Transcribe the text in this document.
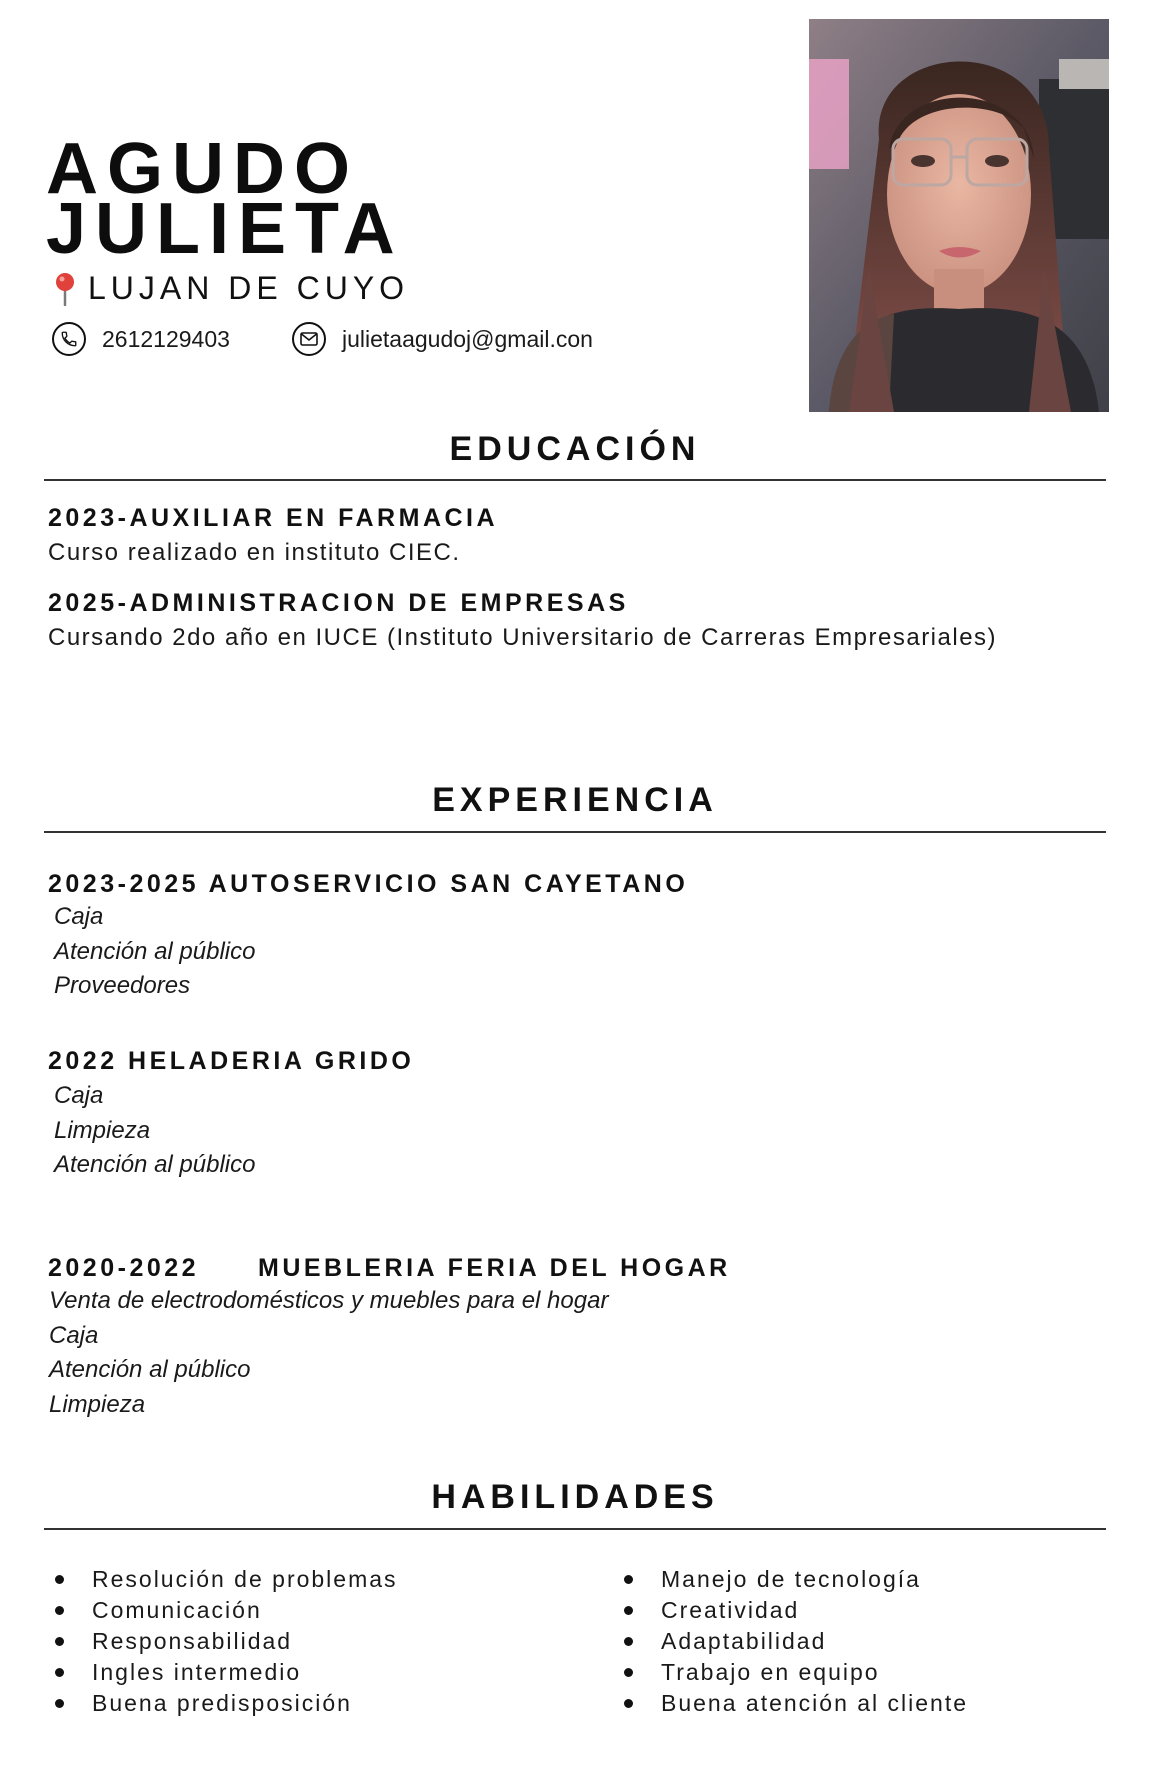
AGUDO
JULIETA
LUJAN DE CUYO
2612129403	julietaagudoj@gmail.con
EDUCACIÓN
2023-AUXILIAR EN FARMACIA
Curso realizado en instituto CIEC.
2025-ADMINISTRACION DE EMPRESAS
Cursando 2do año en IUCE (Instituto Universitario de Carreras Empresariales)
EXPERIENCIA
2023-2025 AUTOSERVICIO SAN CAYETANO
Caja
Atención al público
Proveedores
2022 HELADERIA GRIDO
Caja
Limpieza
Atención al público
2020-2022 MUEBLERIA FERIA DEL HOGAR
Venta de electrodomésticos y muebles para el hogar
Caja
Atención al público
Limpieza
HABILIDADES
Resolución de problemas
Comunicación
Responsabilidad
Ingles intermedio
Buena predisposición
Manejo de tecnología
Creatividad
Adaptabilidad
Trabajo en equipo
Buena atención al cliente
